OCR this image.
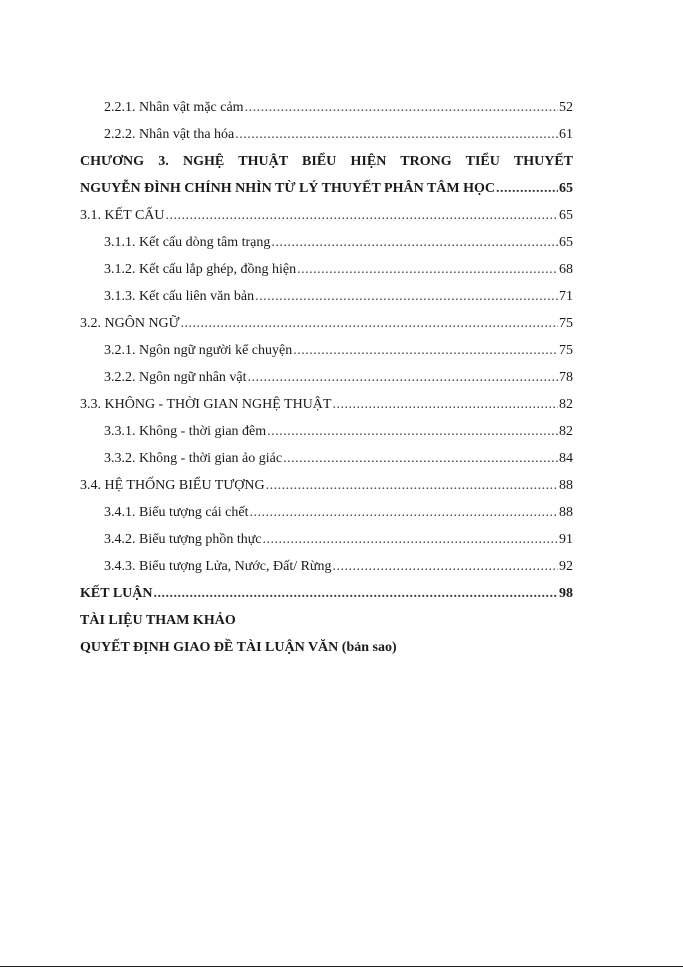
2.2.1. Nhân vật mặc cảm .....	52
2.2.2. Nhân vật tha hóa .....	61
CHƯƠNG 3. NGHỆ THUẬT BIỂU HIỆN TRONG TIỂU THUYẾT
NGUYỄN ĐÌNH CHÍNH NHÌN TỪ LÝ THUYẾT PHÂN TÂM HỌC .....	65
3.1. KẾT CẤU .....	65
3.1.1. Kết cấu dòng tâm trạng .....	65
3.1.2. Kết cấu lắp ghép, đồng hiện .....	68
3.1.3. Kết cấu liên văn bản .....	71
3.2. NGÔN NGỮ .....	75
3.2.1. Ngôn ngữ người kể chuyện .....	75
3.2.2. Ngôn ngữ nhân vật .....	78
3.3. KHÔNG - THỜI GIAN NGHỆ THUẬT .....	82
3.3.1. Không - thời gian đêm .....	82
3.3.2. Không - thời gian ảo giác .....	84
3.4. HỆ THỐNG BIỂU TƯỢNG .....	88
3.4.1. Biểu tượng cái chết .....	88
3.4.2. Biểu tượng phồn thực .....	91
3.4.3. Biểu tượng Lửa, Nước, Đất/ Rừng .....	92
KẾT LUẬN .....	98
TÀI LIỆU THAM KHẢO
QUYẾT ĐỊNH GIAO ĐỀ TÀI LUẬN VĂN (bản sao)
